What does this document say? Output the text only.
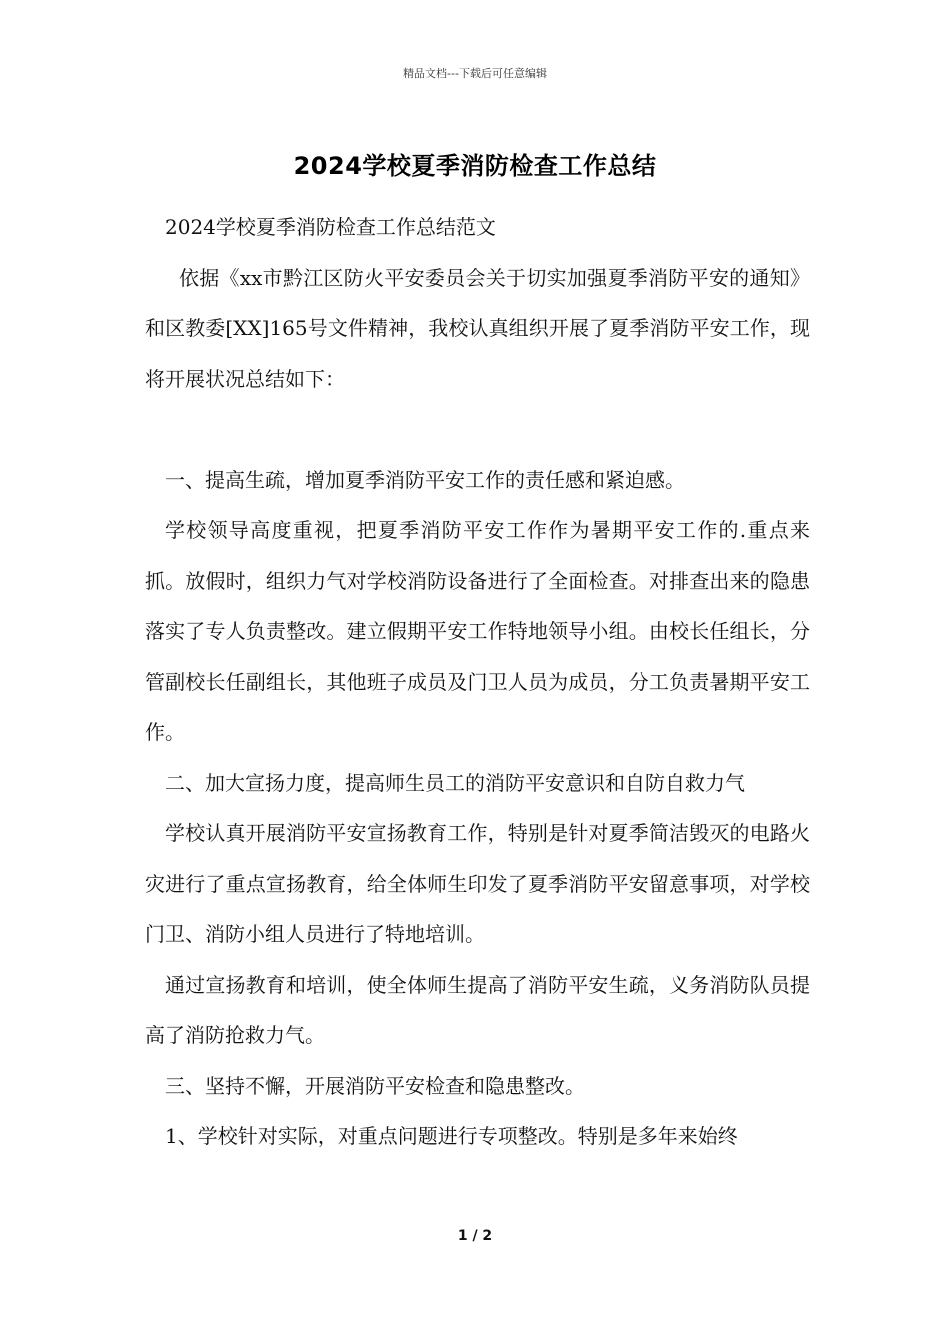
精品文档---下载后可任意编辑
2024学校夏季消防检查工作总结

2024学校夏季消防检查工作总结范文

依据《xx市黔江区防火平安委员会关于切实加强夏季消防平安的通知》和区教委[XX]165号文件精神，我校认真组织开展了夏季消防平安工作，现将开展状况总结如下：

一、提高生疏，增加夏季消防平安工作的责任感和紧迫感。

学校领导高度重视，把夏季消防平安工作作为暑期平安工作的.重点来抓。放假时，组织力气对学校消防设备进行了全面检查。对排查出来的隐患落实了专人负责整改。建立假期平安工作特地领导小组。由校长任组长，分管副校长任副组长，其他班子成员及门卫人员为成员，分工负责暑期平安工作。

二、加大宣扬力度，提高师生员工的消防平安意识和自防自救力气

学校认真开展消防平安宣扬教育工作，特别是针对夏季简洁毁灭的电路火灾进行了重点宣扬教育，给全体师生印发了夏季消防平安留意事项，对学校门卫、消防小组人员进行了特地培训。

通过宣扬教育和培训，使全体师生提高了消防平安生疏，义务消防队员提高了消防抢救力气。

三、坚持不懈，开展消防平安检查和隐患整改。

1、学校针对实际，对重点问题进行专项整改。特别是多年来始终

1 / 2
